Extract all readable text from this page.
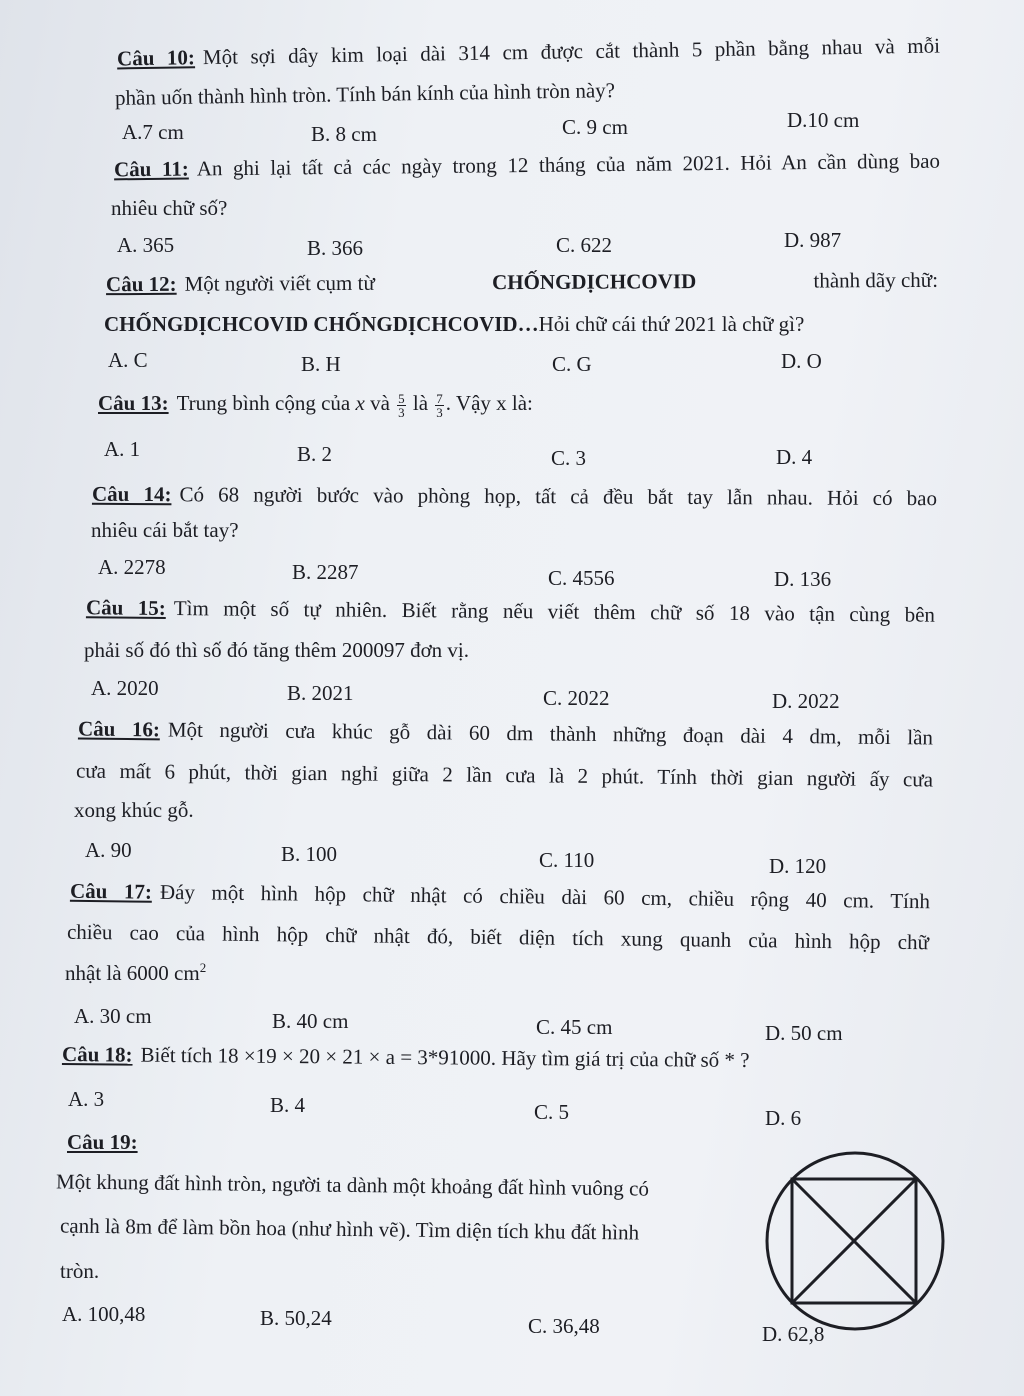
Câu 10: Một sợi dây kim loại dài 314 cm được cắt thành 5 phần bằng nhau và mỗi
phần uốn thành hình tròn. Tính bán kính của hình tròn này?
A.7 cm	B. 8 cm	C. 9 cm	D.10 cm
Câu 11: An ghi lại tất cả các ngày trong 12 tháng của năm 2021. Hỏi An cần dùng bao
nhiêu chữ số?
A. 365	B. 366	C. 622	D. 987
Câu 12: Một người viết cụm từ	CHỐNGDỊCHCOVID	thành dãy chữ:
CHỐNGDỊCHCOVID CHỐNGDỊCHCOVID…Hỏi chữ cái thứ 2021 là chữ gì?
A. C	B. H	C. G	D. O
Câu 13: Trung bình cộng của x và $\frac{5}{3}$ là $\frac{7}{3}$ . Vậy x là:
A. 1	B. 2	C. 3	D. 4
Câu 14: Có 68 người bước vào phòng họp, tất cả đều bắt tay lẫn nhau. Hỏi có bao
nhiêu cái bắt tay?
A. 2278	B. 2287	C. 4556	D. 136
Câu 15: Tìm một số tự nhiên. Biết rằng nếu viết thêm chữ số 18 vào tận cùng bên
phải số đó thì số đó tăng thêm 200097 đơn vị.
A. 2020	B. 2021	C. 2022	D. 2022
Câu 16: Một người cưa khúc gỗ dài 60 dm thành những đoạn dài 4 dm, mỗi lần
cưa mất 6 phút, thời gian nghỉ giữa 2 lần cưa là 2 phút. Tính thời gian người ấy cưa
xong khúc gỗ.
A. 90	B. 100	C. 110	D. 120
Câu 17: Đáy một hình hộp chữ nhật có chiều dài 60 cm, chiều rộng 40 cm. Tính
chiều cao của hình hộp chữ nhật đó, biết diện tích xung quanh của hình hộp chữ
nhật là 6000 $cm^2$
A. 30 cm	B. 40 cm	C. 45 cm	D. 50 cm
Câu 18: Biết tích 18 ×19 × 20 × 21 × a = 3*91000. Hãy tìm giá trị của chữ số * ?
A. 3	B. 4	C. 5	D. 6
Câu 19:
Một khung đất hình tròn, người ta dành một khoảng đất hình vuông có
cạnh là 8m để làm bồn hoa (như hình vẽ). Tìm diện tích khu đất hình
tròn.
A. 100,48	B. 50,24	C. 36,48	D. 62,8
